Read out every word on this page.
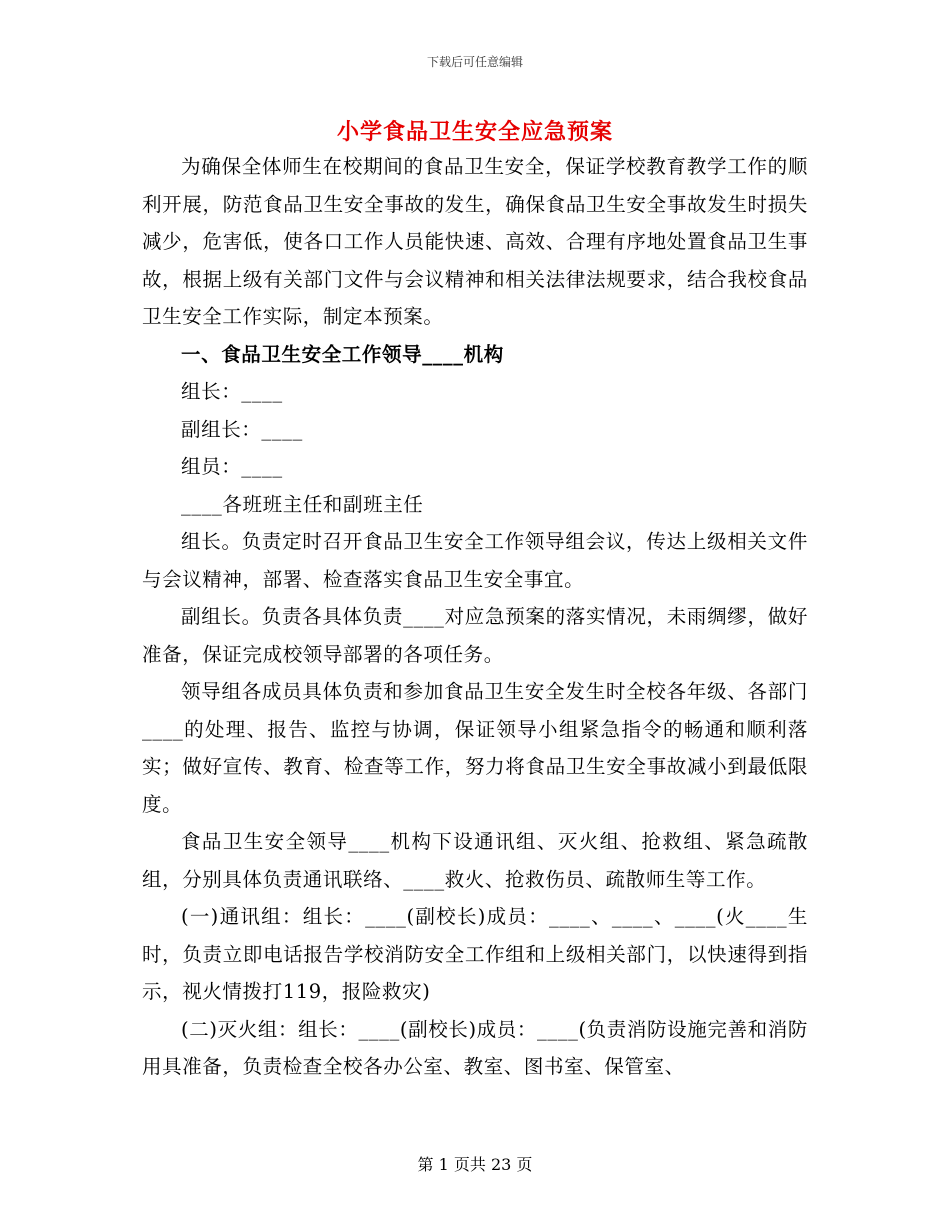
下载后可任意编辑
小学食品卫生安全应急预案

为确保全体师生在校期间的食品卫生安全，保证学校教育教学工作的顺利开展，防范食品卫生安全事故的发生，确保食品卫生安全事故发生时损失减少，危害低，使各口工作人员能快速、高效、合理有序地处置食品卫生事故，根据上级有关部门文件与会议精神和相关法律法规要求，结合我校食品卫生安全工作实际，制定本预案。

一、食品卫生安全工作领导____机构

组长：____

副组长：____

组员：____

____各班班主任和副班主任

组长。负责定时召开食品卫生安全工作领导组会议，传达上级相关文件与会议精神，部署、检查落实食品卫生安全事宜。

副组长。负责各具体负责____对应急预案的落实情况，未雨绸缪，做好准备，保证完成校领导部署的各项任务。

领导组各成员具体负责和参加食品卫生安全发生时全校各年级、各部门____的处理、报告、监控与协调，保证领导小组紧急指令的畅通和顺利落实；做好宣传、教育、检查等工作，努力将食品卫生安全事故减小到最低限度。

食品卫生安全领导____机构下设通讯组、灭火组、抢救组、紧急疏散组，分别具体负责通讯联络、____救火、抢救伤员、疏散师生等工作。

(一)通讯组：组长：____(副校长)成员：____、____、____(火____生时，负责立即电话报告学校消防安全工作组和上级相关部门，以快速得到指示，视火情拨打119，报险救灾)

(二)灭火组：组长：____(副校长)成员：____(负责消防设施完善和消防用具准备，负责检查全校各办公室、教室、图书室、保管室、

第 1 页共 23 页
